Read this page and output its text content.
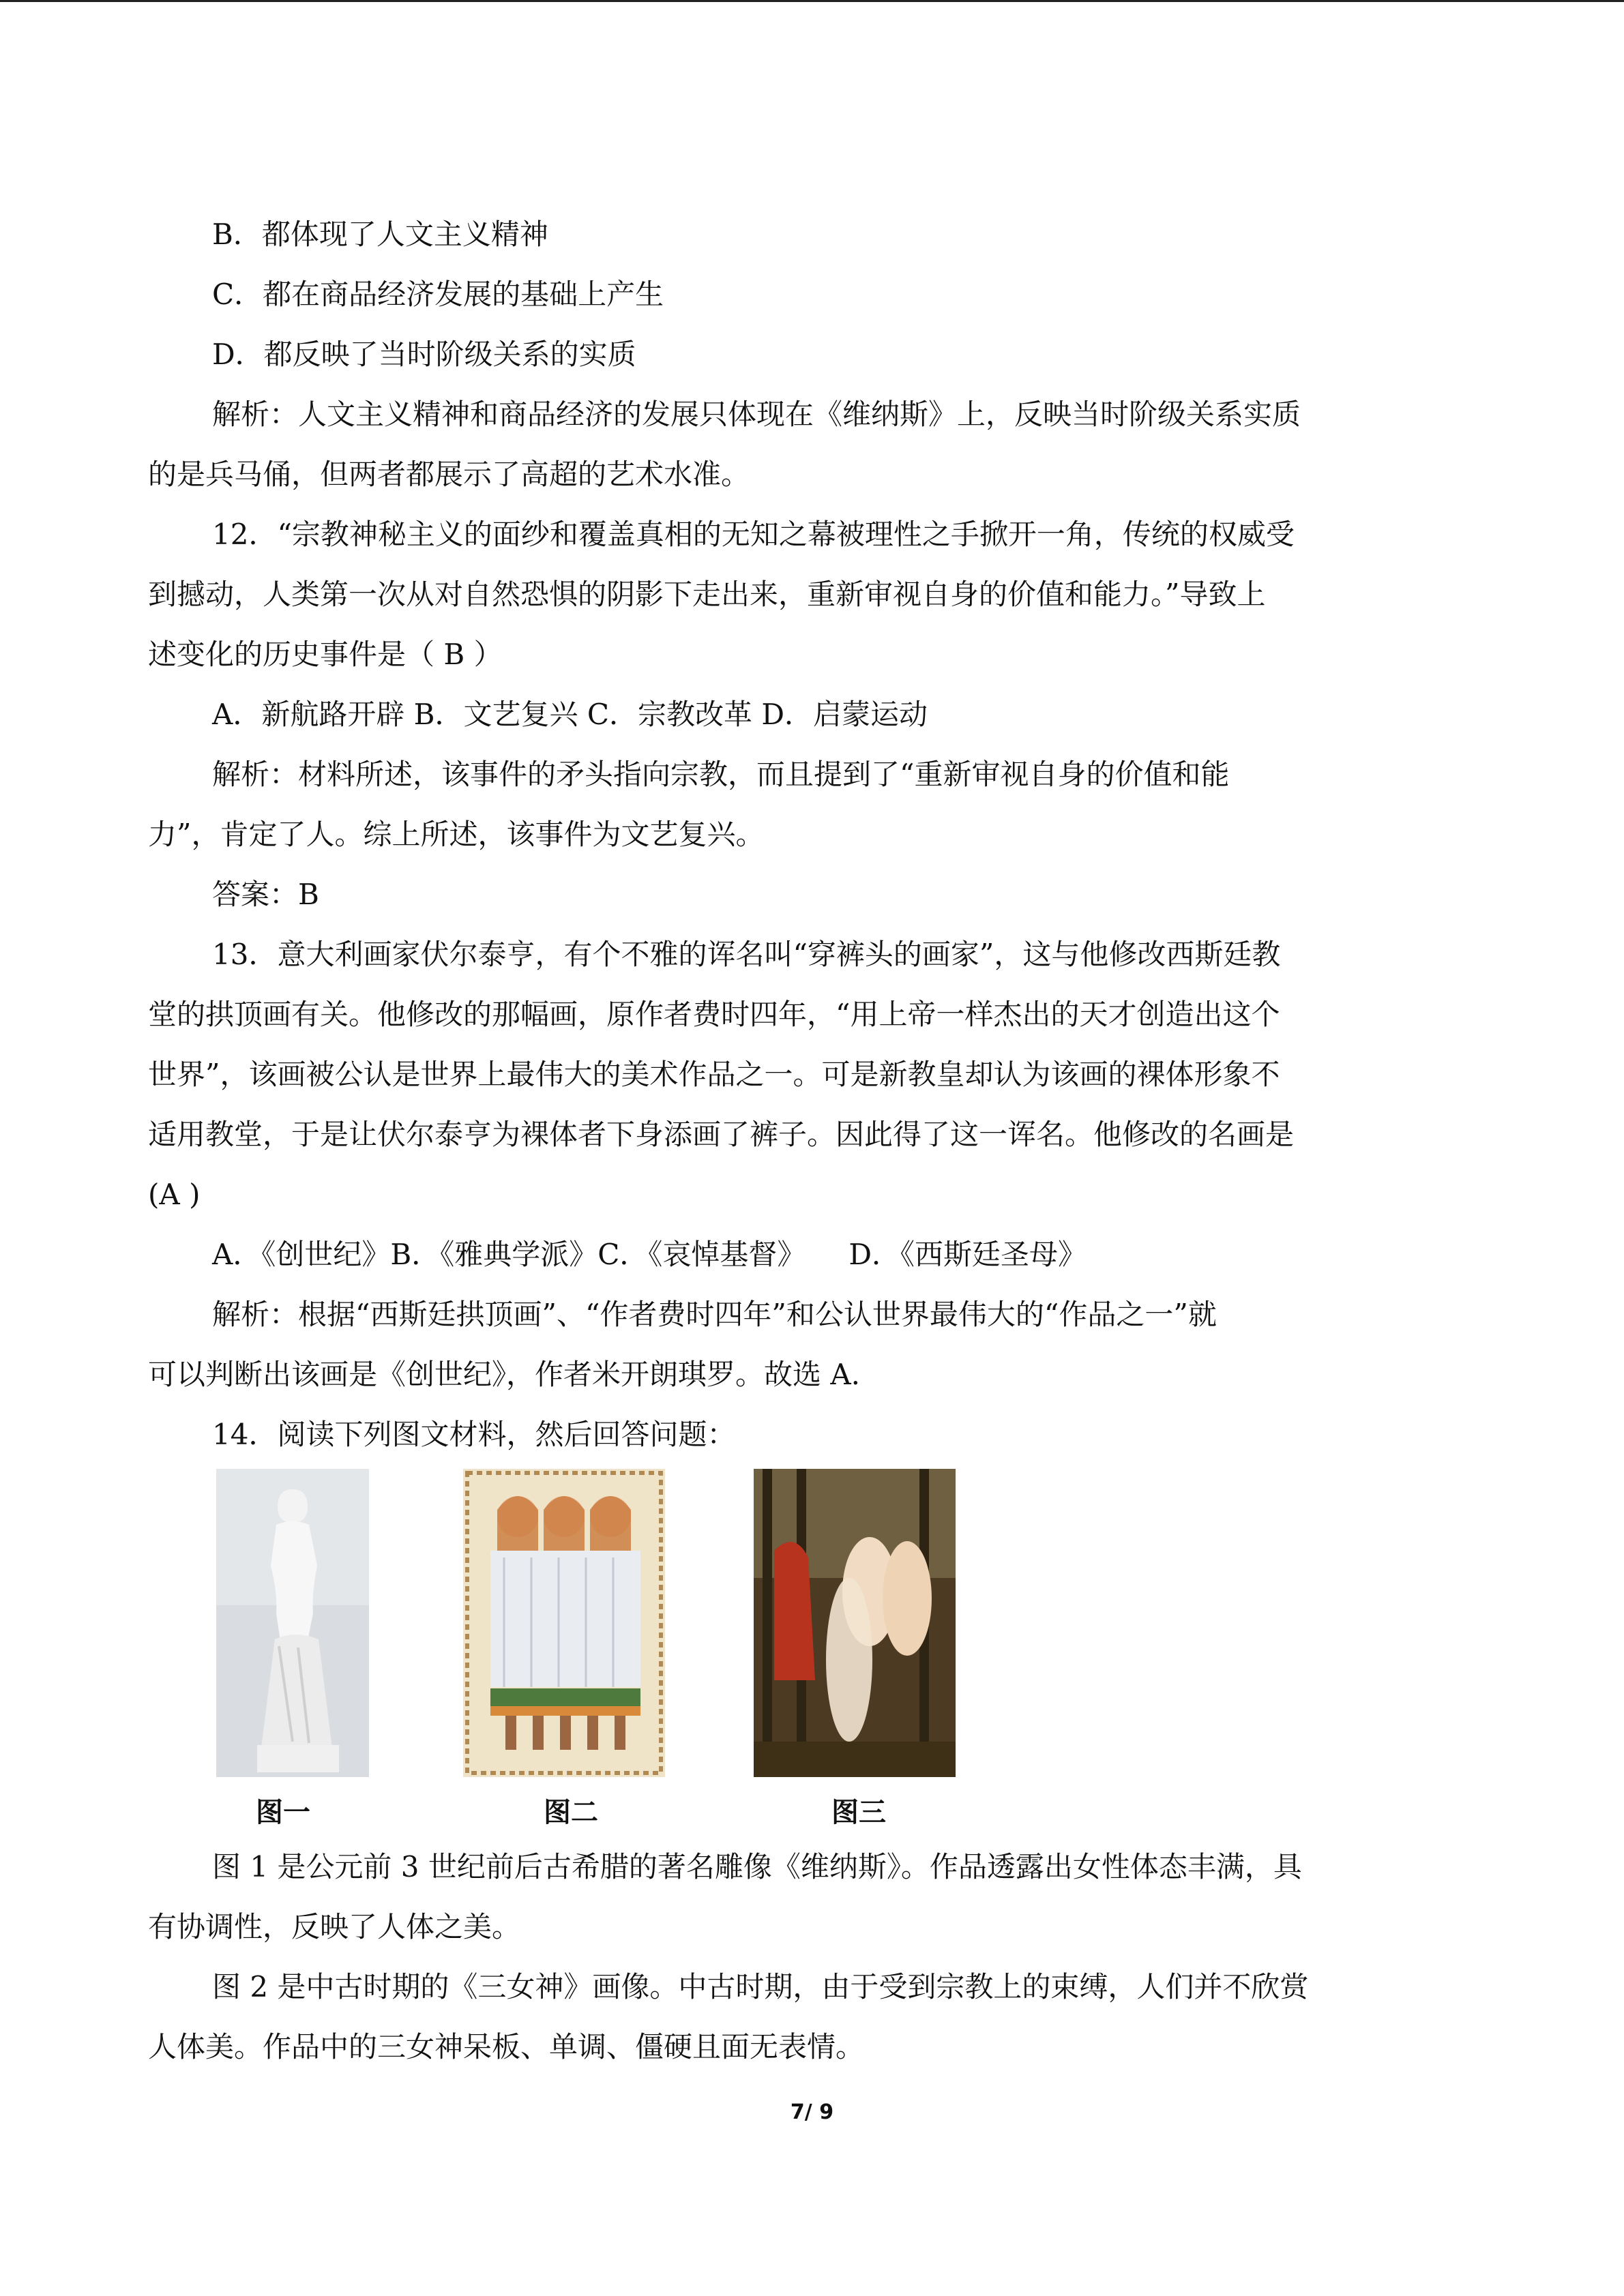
B．都体现了人文主义精神
C．都在商品经济发展的基础上产生
D．都反映了当时阶级关系的实质
解析：人文主义精神和商品经济的发展只体现在《维纳斯》上，反映当时阶级关系实质
的是兵马俑，但两者都展示了高超的艺术水准。
12．“宗教神秘主义的面纱和覆盖真相的无知之幕被理性之手掀开一角，传统的权威受
到撼动，人类第一次从对自然恐惧的阴影下走出来，重新审视自身的价值和能力。”导致上
述变化的历史事件是（ B ）
A．新航路开辟 B．文艺复兴 C．宗教改革 D．启蒙运动
解析：材料所述，该事件的矛头指向宗教，而且提到了“重新审视自身的价值和能
力”，肯定了人。综上所述，该事件为文艺复兴。
答案：B
13．意大利画家伏尔泰亨，有个不雅的诨名叫“穿裤头的画家”，这与他修改西斯廷教
堂的拱顶画有关。他修改的那幅画，原作者费时四年，“用上帝一样杰出的天才创造出这个
世界”，该画被公认是世界上最伟大的美术作品之一。可是新教皇却认为该画的裸体形象不
适用教堂，于是让伏尔泰亨为裸体者下身添画了裤子。因此得了这一诨名。他修改的名画是
(A )
A．《创世纪》B．《雅典学派》C．《哀悼基督》　　D．《西斯廷圣母》
解析：根据“西斯廷拱顶画”、“作者费时四年”和公认世界最伟大的“作品之一”就
可以判断出该画是《创世纪》，作者米开朗琪罗。故选 A.
14．阅读下列图文材料，然后回答问题：
图一	图二	图三
图 1 是公元前 3 世纪前后古希腊的著名雕像《维纳斯》。作品透露出女性体态丰满，具
有协调性，反映了人体之美。
图 2 是中古时期的《三女神》画像。中古时期，由于受到宗教上的束缚，人们并不欣赏
人体美。作品中的三女神呆板、单调、僵硬且面无表情。
7/ 9
